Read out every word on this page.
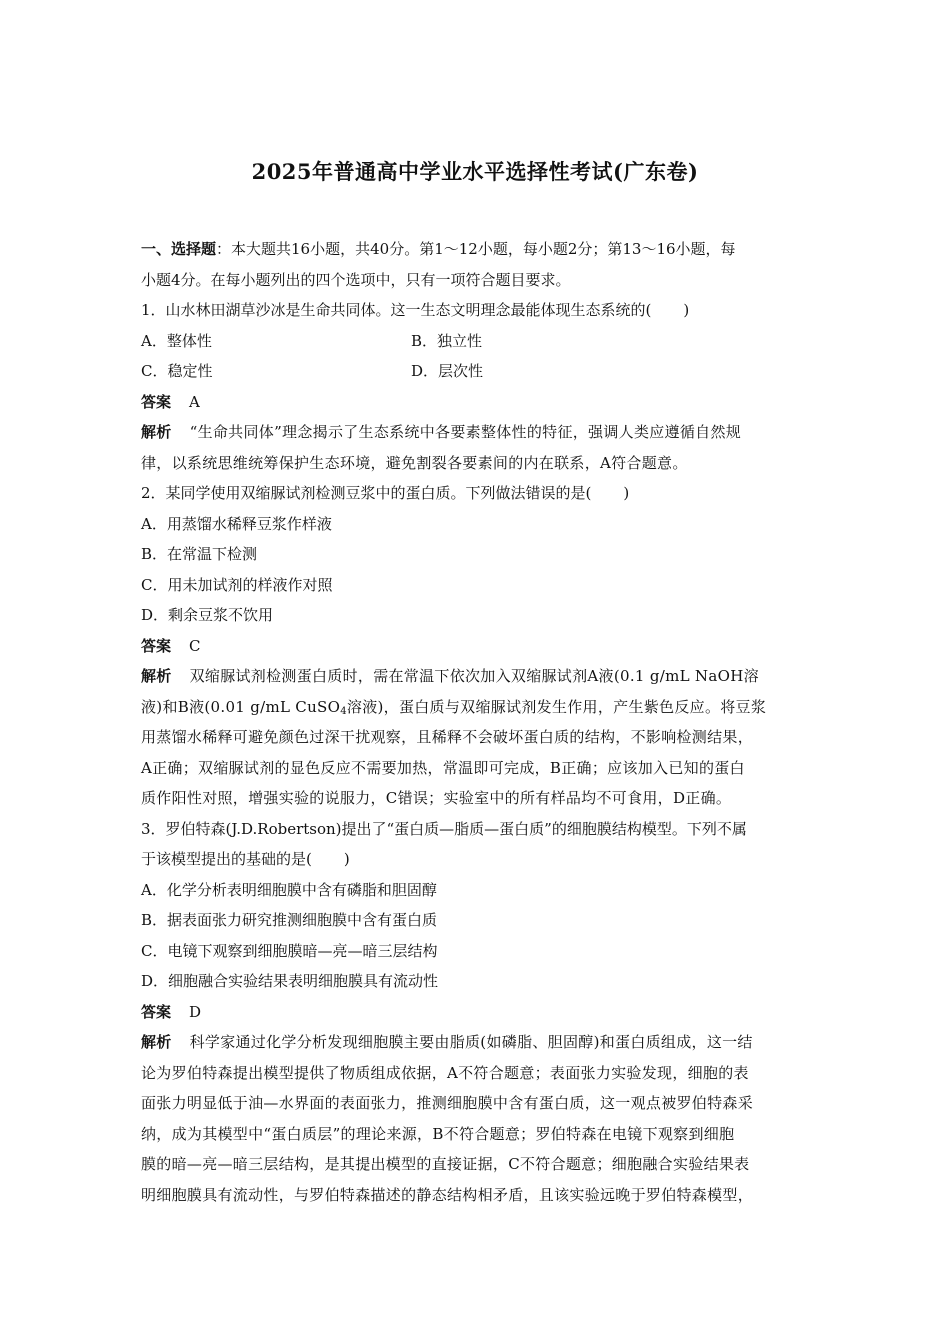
2025年普通高中学业水平选择性考试(广东卷)

一、选择题：本大题共16小题，共40分。第1～12小题，每小题2分；第13～16小题，每

小题4分。在每小题列出的四个选项中，只有一项符合题目要求。

1．山水林田湖草沙冰是生命共同体。这一生态文明理念最能体现生态系统的( )

A．整体性	B．独立性
C．稳定性	D．层次性

答案 A

解析 “生命共同体”理念揭示了生态系统中各要素整体性的特征，强调人类应遵循自然规

律，以系统思维统筹保护生态环境，避免割裂各要素间的内在联系，A符合题意。

2．某同学使用双缩脲试剂检测豆浆中的蛋白质。下列做法错误的是( )

A．用蒸馏水稀释豆浆作样液

B．在常温下检测

C．用未加试剂的样液作对照

D．剩余豆浆不饮用

答案 C

解析 双缩脲试剂检测蛋白质时，需在常温下依次加入双缩脲试剂A液(0.1 g/mL NaOH溶

液)和B液(0.01 g/mL CuSO$_4$溶液)，蛋白质与双缩脲试剂发生作用，产生紫色反应。将豆浆

用蒸馏水稀释可避免颜色过深干扰观察，且稀释不会破坏蛋白质的结构，不影响检测结果，

A正确；双缩脲试剂的显色反应不需要加热，常温即可完成，B正确；应该加入已知的蛋白

质作阳性对照，增强实验的说服力，C错误；实验室中的所有样品均不可食用，D正确。

3．罗伯特森(J.D.Robertson)提出了“蛋白质—脂质—蛋白质”的细胞膜结构模型。下列不属

于该模型提出的基础的是( )

A．化学分析表明细胞膜中含有磷脂和胆固醇

B．据表面张力研究推测细胞膜中含有蛋白质

C．电镜下观察到细胞膜暗—亮—暗三层结构

D．细胞融合实验结果表明细胞膜具有流动性

答案 D

解析 科学家通过化学分析发现细胞膜主要由脂质(如磷脂、胆固醇)和蛋白质组成，这一结

论为罗伯特森提出模型提供了物质组成依据，A不符合题意；表面张力实验发现，细胞的表

面张力明显低于油—水界面的表面张力，推测细胞膜中含有蛋白质，这一观点被罗伯特森采

纳，成为其模型中“蛋白质层”的理论来源，B不符合题意；罗伯特森在电镜下观察到细胞

膜的暗—亮—暗三层结构，是其提出模型的直接证据，C不符合题意；细胞融合实验结果表

明细胞膜具有流动性，与罗伯特森描述的静态结构相矛盾，且该实验远晚于罗伯特森模型，
